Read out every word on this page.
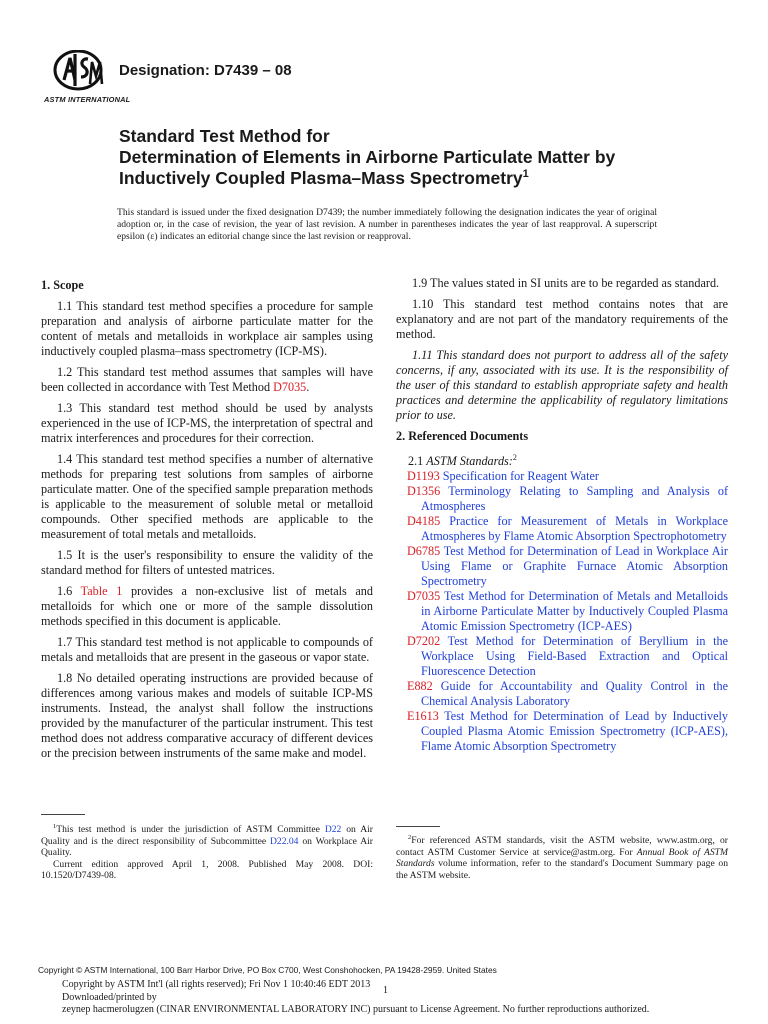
ASTM INTERNATIONAL
Designation: D7439 – 08
Standard Test Method for
Determination of Elements in Airborne Particulate Matter by
Inductively Coupled Plasma–Mass Spectrometry$^1$
This standard is issued under the fixed designation D7439; the number immediately following the designation indicates the year of original adoption or, in the case of revision, the year of last revision. A number in parentheses indicates the year of last reapproval. A superscript epsilon (ε) indicates an editorial change since the last revision or reapproval.
1. Scope

1.1 This standard test method specifies a procedure for sample preparation and analysis of airborne particulate matter for the content of metals and metalloids in workplace air samples using inductively coupled plasma–mass spectrometry (ICP-MS).

1.2 This standard test method assumes that samples will have been collected in accordance with Test Method D7035.

1.3 This standard test method should be used by analysts experienced in the use of ICP-MS, the interpretation of spectral and matrix interferences and procedures for their correction.

1.4 This standard test method specifies a number of alternative methods for preparing test solutions from samples of airborne particulate matter. One of the specified sample preparation methods is applicable to the measurement of soluble metal or metalloid compounds. Other specified methods are applicable to the measurement of total metals and metalloids.

1.5 It is the user's responsibility to ensure the validity of the standard method for filters of untested matrices.

1.6 Table 1 provides a non-exclusive list of metals and metalloids for which one or more of the sample dissolution methods specified in this document is applicable.

1.7 This standard test method is not applicable to compounds of metals and metalloids that are present in the gaseous or vapor state.

1.8 No detailed operating instructions are provided because of differences among various makes and models of suitable ICP-MS instruments. Instead, the analyst shall follow the instructions provided by the manufacturer of the particular instrument. This test method does not address comparative accuracy of different devices or the precision between instruments of the same make and model.

1.9 The values stated in SI units are to be regarded as standard.

1.10 This standard test method contains notes that are explanatory and are not part of the mandatory requirements of the method.

1.11 This standard does not purport to address all of the safety concerns, if any, associated with its use. It is the responsibility of the user of this standard to establish appropriate safety and health practices and determine the applicability of regulatory limitations prior to use.

2. Referenced Documents
2.1 ASTM Standards:$^2$
D1193 Specification for Reagent Water
D1356 Terminology Relating to Sampling and Analysis of Atmospheres
D4185 Practice for Measurement of Metals in Workplace Atmospheres by Flame Atomic Absorption Spectrophotometry
D6785 Test Method for Determination of Lead in Workplace Air Using Flame or Graphite Furnace Atomic Absorption Spectrometry
D7035 Test Method for Determination of Metals and Metalloids in Airborne Particulate Matter by Inductively Coupled Plasma Atomic Emission Spectrometry (ICP-AES)
D7202 Test Method for Determination of Beryllium in the Workplace Using Field-Based Extraction and Optical Fluorescence Detection
E882 Guide for Accountability and Quality Control in the Chemical Analysis Laboratory
E1613 Test Method for Determination of Lead by Inductively Coupled Plasma Atomic Emission Spectrometry (ICP-AES), Flame Atomic Absorption Spectrometry

$^1$This test method is under the jurisdiction of ASTM Committee D22 on Air Quality and is the direct responsibility of Subcommittee D22.04 on Workplace Air Quality.

Current edition approved April 1, 2008. Published May 2008. DOI: 10.1520/D7439-08.

$^2$For referenced ASTM standards, visit the ASTM website, www.astm.org, or contact ASTM Customer Service at service@astm.org. For Annual Book of ASTM Standards volume information, refer to the standard's Document Summary page on the ASTM website.

Copyright © ASTM International, 100 Barr Harbor Drive, PO Box C700, West Conshohocken, PA 19428-2959. United States
Copyright by ASTM Int'l (all rights reserved); Fri Nov 1 10:40:46 EDT 2013
Downloaded/printed by
zeynep hacmerolugzen (CINAR ENVIRONMENTAL LABORATORY INC) pursuant to License Agreement. No further reproductions authorized.
1
